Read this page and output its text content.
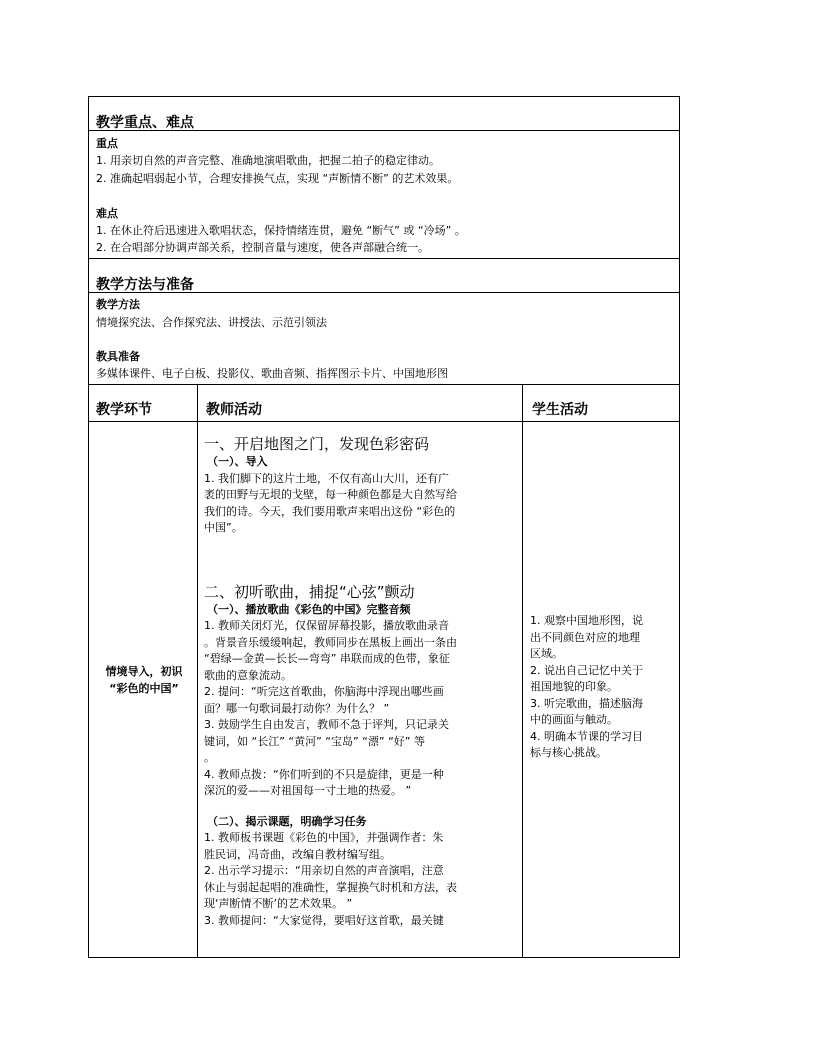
教学重点、难点
重点
1. 用亲切自然的声音完整、准确地演唱歌曲，把握二拍子的稳定律动。
2. 准确起唱弱起小节，合理安排换气点，实现 “声断情不断” 的艺术效果。
难点
1. 在休止符后迅速进入歌唱状态，保持情绪连贯，避免 “断气” 或 “冷场” 。
2. 在合唱部分协调声部关系，控制音量与速度，使各声部融合统一。
教学方法与准备
教学方法
情境探究法、合作探究法、讲授法、示范引领法
教具准备
多媒体课件、电子白板、投影仪、歌曲音频、指挥图示卡片、中国地形图
教学环节	教师活动	学生活动

情境导入，初识

“彩色的中国”

一、开启地图之门，发现色彩密码

（一）、导入

1. 我们脚下的这片土地，不仅有高山大川，还有广

袤的田野与无垠的戈壁，每一种颜色都是大自然写给

我们的诗。今天，我们要用歌声来唱出这份 “彩色的

中国”。

二、初听歌曲，捕捉“心弦”颤动

（一）、播放歌曲《彩色的中国》完整音频

1. 教师关闭灯光，仅保留屏幕投影，播放歌曲录音

。背景音乐缓缓响起，教师同步在黑板上画出一条由

“碧绿—金黄—长长—弯弯” 串联而成的色带，象征

歌曲的意象流动。

2. 提问：“听完这首歌曲，你脑海中浮现出哪些画

面？哪一句歌词最打动你？为什么？ ”

3. 鼓励学生自由发言，教师不急于评判，只记录关

键词，如 “长江” “黄河” “宝岛” “漂” “好” 等

。

4. 教师点拨：“你们听到的不只是旋律，更是一种

深沉的爱——对祖国每一寸土地的热爱。 ”

（二）、揭示课题，明确学习任务

1. 教师板书课题《彩色的中国》，并强调作者：朱

胜民词，冯奇曲，改编自教材编写组。

2. 出示学习提示：“用亲切自然的声音演唱，注意

休止与弱起起唱的准确性，掌握换气时机和方法，表

现‘声断情不断’的艺术效果。 ”

3. 教师提问：“大家觉得，要唱好这首歌，最关键

1. 观察中国地形图，说

出不同颜色对应的地理

区域。

2. 说出自己记忆中关于

祖国地貌的印象。

3. 听完歌曲，描述脑海

中的画面与触动。

4. 明确本节课的学习目

标与核心挑战。
